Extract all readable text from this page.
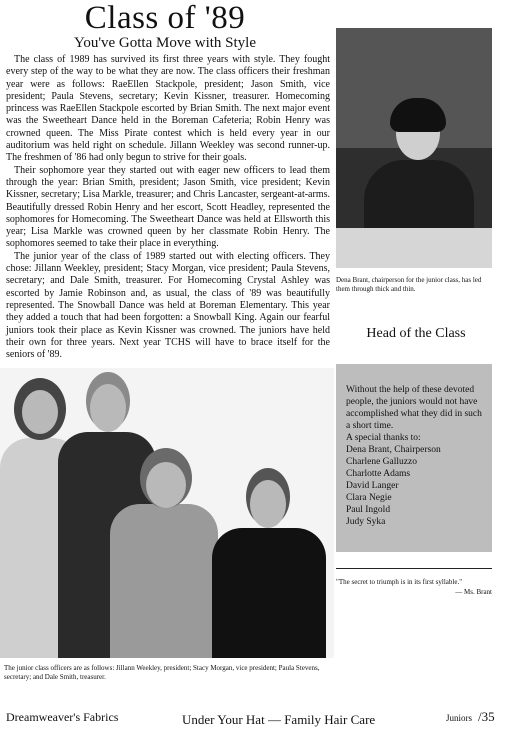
Class of '89
You've Gotta Move with Style

The class of 1989 has survived its first three years with style. They fought every step of the way to be what they are now. The class officers their freshman year were as follows: RaeEllen Stackpole, president; Jason Smith, vice president; Paula Stevens, secretary; Kevin Kissner, treasurer. Homecoming princess was RaeEllen Stackpole escorted by Brian Smith. The next major event was the Sweetheart Dance held in the Boreman Cafeteria; Robin Henry was crowned queen. The Miss Pirate contest which is held every year in our auditorium was held right on schedule. Jillann Weekley was second runner-up. The freshmen of '86 had only begun to strive for their goals.

Their sophomore year they started out with eager new officers to lead them through the year: Brian Smith, president; Jason Smith, vice president; Kevin Kissner, secretary; Lisa Markle, treasurer; and Chris Lancaster, sergeant-at-arms. Beautifully dressed Robin Henry and her escort, Scott Headley, represented the sophomores for Homecoming. The Sweetheart Dance was held at Ellsworth this year; Lisa Markle was crowned queen by her classmate Robin Henry. The sophomores seemed to take their place in everything.

The junior year of the class of 1989 started out with electing officers. They chose: Jillann Weekley, president; Stacy Morgan, vice president; Paula Stevens, secretary; and Dale Smith, treasurer. For Homecoming Crystal Ashley was escorted by Jamie Robinson and, as usual, the class of '89 was beautifully represented. The Snowball Dance was held at Boreman Elementary. This year they added a touch that had been forgotten: a Snowball King. Again our fearful juniors took their place as Kevin Kissner was crowned. The juniors have held their own for three years. Next year TCHS will have to brace itself for the seniors of '89.

Dena Brant, chairperson for the junior class, has led them through thick and thin.
Head of the Class
Without the help of these devoted people, the juniors would not have accomplished what they did in such a short time.
A special thanks to:
Dena Brant, Chairperson
Charlene Galluzzo
Charlotte Adams
David Langer
Clara Negie
Paul Ingold
Judy Syka
"The secret to triumph is in its first syllable."
— Ms. Brant
The junior class officers are as follows: Jillann Weekley, president; Stacy Morgan, vice president; Paula Stevens, secretary; and Dale Smith, treasurer.
Dreamweaver's Fabrics	Under Your Hat — Family Hair Care	Juniors /35
